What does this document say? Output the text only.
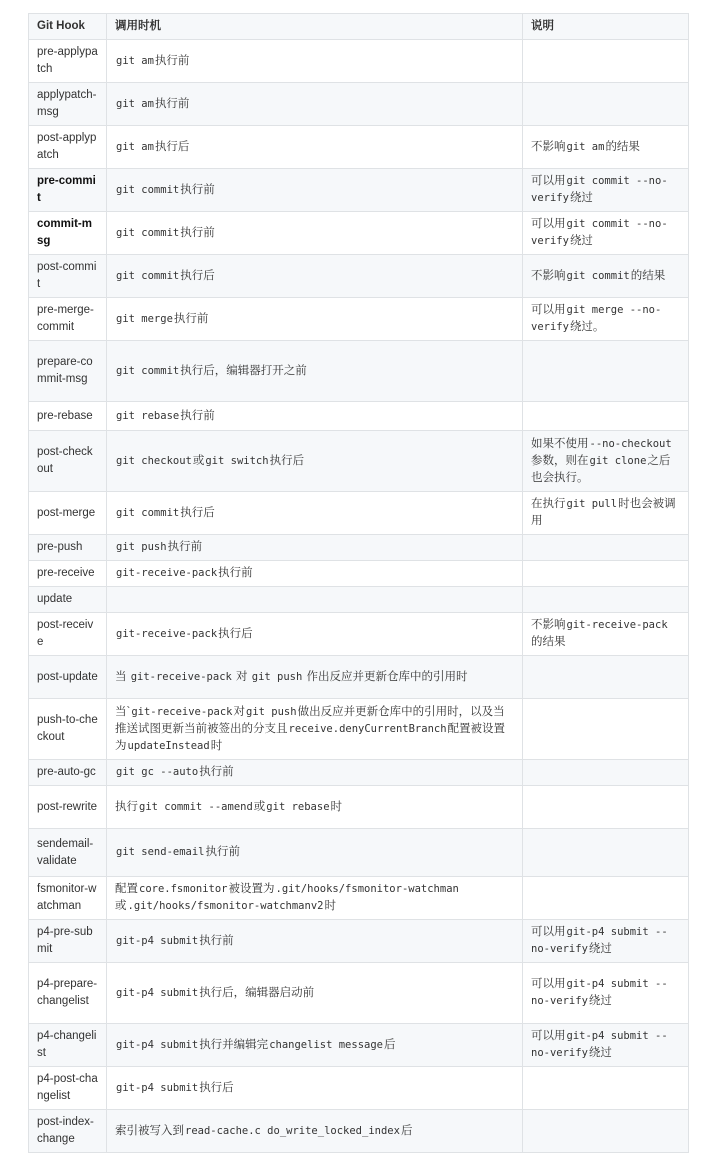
Git Hook	调用时机	说明
pre-applypatch	git am执行前	
applypatch-msg	git am执行前	
post-applypatch	git am执行后	不影响git am的结果
pre-commit	git commit执行前	可以用git commit --no-verify绕过
commit-msg	git commit执行前	可以用git commit --no-verify绕过
post-commit	git commit执行后	不影响git commit的结果
pre-merge-commit	git merge执行前	可以用git merge --no-verify绕过。
prepare-commit-msg	git commit执行后，编辑器打开之前	
pre-rebase	git rebase执行前	
post-checkout	git checkout或git switch执行后	如果不使用--no-checkout参数，则在git clone之后也会执行。
post-merge	git commit执行后	在执行git pull时也会被调用
pre-push	git push执行前	
pre-receive	git-receive-pack执行前	
update		
post-receive	git-receive-pack执行后	不影响git-receive-pack的结果
post-update	当 git-receive-pack 对 git push 作出反应并更新仓库中的引用时	
push-to-checkout	当`git-receive-pack对git push做出反应并更新仓库中的引用时，以及当推送试图更新当前被签出的分支且receive.denyCurrentBranch配置被设置为updateInstead时	
pre-auto-gc	git gc --auto执行前	
post-rewrite	执行git commit --amend或git rebase时	
sendemail-validate	git send-email执行前	
fsmonitor-watchman	配置core.fsmonitor被设置为.git/hooks/fsmonitor-watchman或.git/hooks/fsmonitor-watchmanv2时	
p4-pre-submit	git-p4 submit执行前	可以用git-p4 submit --no-verify绕过
p4-prepare-changelist	git-p4 submit执行后，编辑器启动前	可以用git-p4 submit --no-verify绕过
p4-changelist	git-p4 submit执行并编辑完changelist message后	可以用git-p4 submit --no-verify绕过
p4-post-changelist	git-p4 submit执行后	
post-index-change	索引被写入到read-cache.c do_write_locked_index后	
